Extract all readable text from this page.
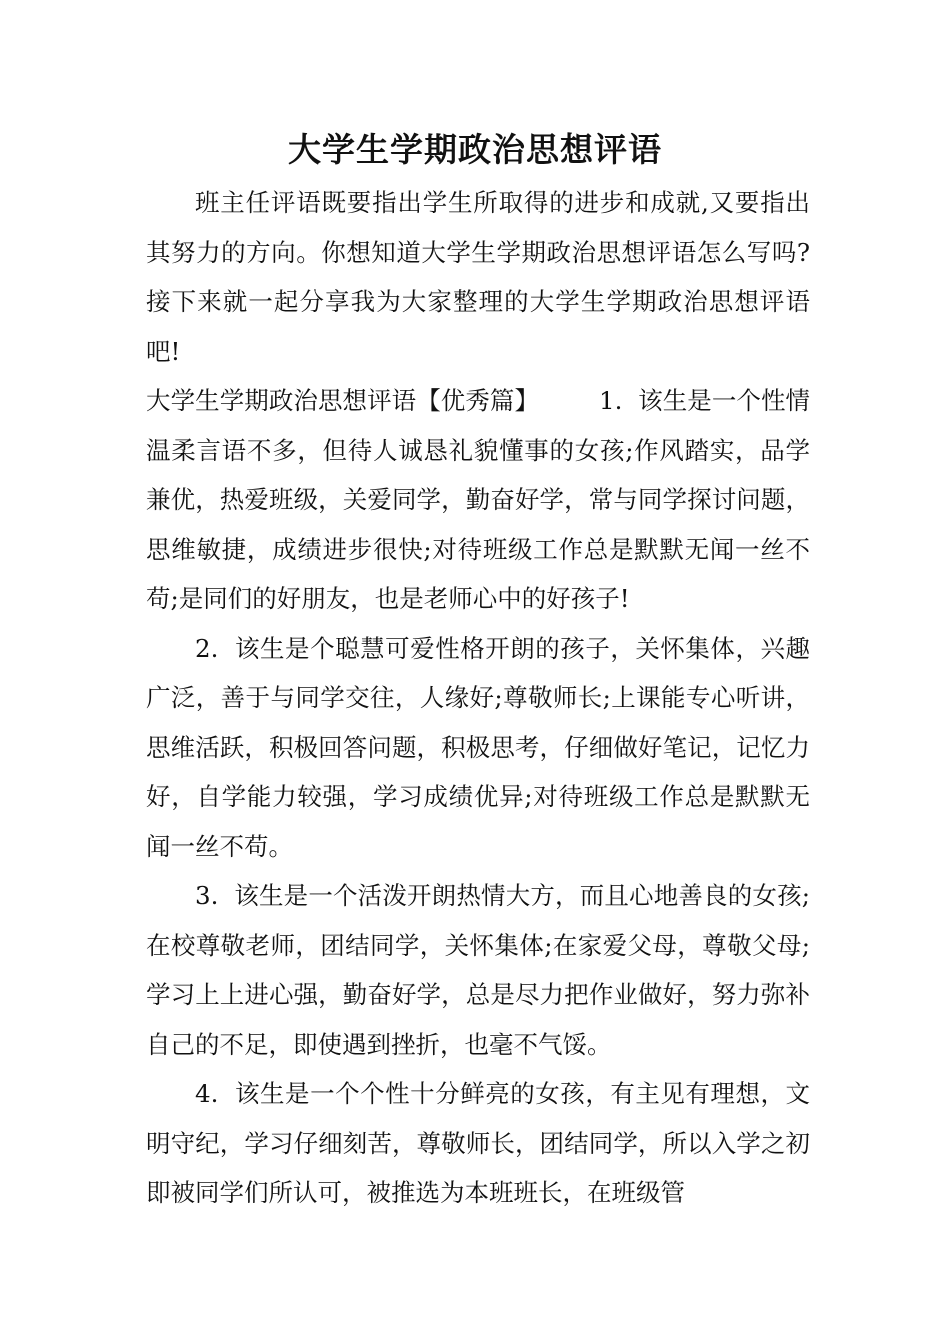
大学生学期政治思想评语

班主任评语既要指出学生所取得的进步和成就,又要指出其努力的方向。你想知道大学生学期政治思想评语怎么写吗?接下来就一起分享我为大家整理的大学生学期政治思想评语吧!

大学生学期政治思想评语【优秀篇】 1. 该生是一个性情温柔言语不多，但待人诚恳礼貌懂事的女孩;作风踏实，品学兼优，热爱班级，关爱同学，勤奋好学，常与同学探讨问题，思维敏捷，成绩进步很快;对待班级工作总是默默无闻一丝不苟;是同们的好朋友，也是老师心中的好孩子!

2. 该生是个聪慧可爱性格开朗的孩子，关怀集体，兴趣广泛，善于与同学交往，人缘好;尊敬师长;上课能专心听讲，思维活跃，积极回答问题，积极思考，仔细做好笔记，记忆力好，自学能力较强，学习成绩优异;对待班级工作总是默默无闻一丝不苟。

3. 该生是一个活泼开朗热情大方，而且心地善良的女孩;在校尊敬老师，团结同学，关怀集体;在家爱父母，尊敬父母;学习上上进心强，勤奋好学，总是尽力把作业做好，努力弥补自己的不足，即使遇到挫折，也毫不气馁。

4. 该生是一个个性十分鲜亮的女孩，有主见有理想，文明守纪，学习仔细刻苦，尊敬师长，团结同学，所以入学之初即被同学们所认可，被推选为本班班长，在班级管
